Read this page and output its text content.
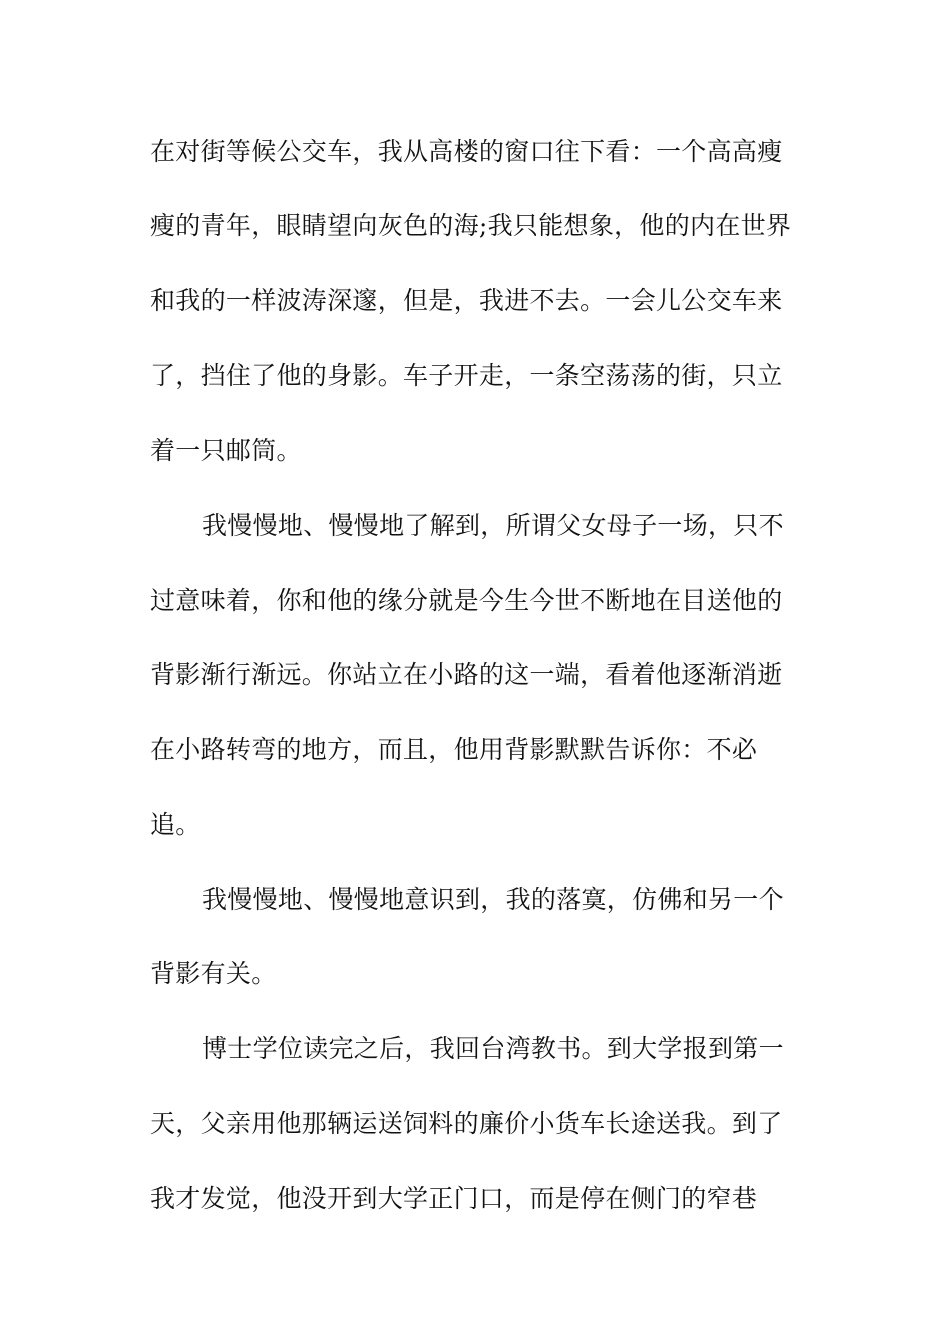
在对街等候公交车，我从高楼的窗口往下看：一个高高瘦
瘦的青年，眼睛望向灰色的海;我只能想象，他的内在世界
和我的一样波涛深邃，但是，我进不去。一会儿公交车来
了，挡住了他的身影。车子开走，一条空荡荡的街，只立
着一只邮筒。
我慢慢地、慢慢地了解到，所谓父女母子一场，只不
过意味着，你和他的缘分就是今生今世不断地在目送他的
背影渐行渐远。你站立在小路的这一端，看着他逐渐消逝
在小路转弯的地方，而且，他用背影默默告诉你：不必
追。
我慢慢地、慢慢地意识到，我的落寞，仿佛和另一个
背影有关。
博士学位读完之后，我回台湾教书。到大学报到第一
天，父亲用他那辆运送饲料的廉价小货车长途送我。到了
我才发觉，他没开到大学正门口，而是停在侧门的窄巷
